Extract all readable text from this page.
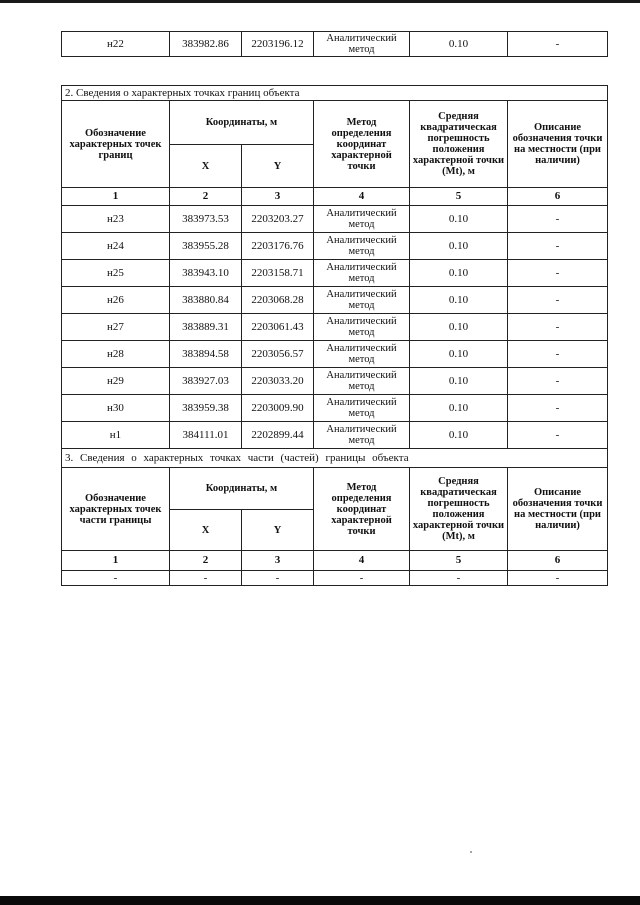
н22	383982.86	2203196.12	Аналитический метод	0.10	-
2. Сведения о характерных точках границ объекта					
Обозначение характерных точек границ	Координаты, м		Метод определения координат характерной точки	Средняя квадратическая погрешность положения характерной точки (Mt), м	Описание обозначения точки на местности (при наличии)
	X	Y			
1	2	3	4	5	6
н23	383973.53	2203203.27	Аналитический метод	0.10	-
н24	383955.28	2203176.76	Аналитический метод	0.10	-
н25	383943.10	2203158.71	Аналитический метод	0.10	-
н26	383880.84	2203068.28	Аналитический метод	0.10	-
н27	383889.31	2203061.43	Аналитический метод	0.10	-
н28	383894.58	2203056.57	Аналитический метод	0.10	-
н29	383927.03	2203033.20	Аналитический метод	0.10	-
н30	383959.38	2203009.90	Аналитический метод	0.10	-
н1	384111.01	2202899.44	Аналитический метод	0.10	-
3. Сведения о характерных точках части (частей) границы объекта					
Обозначение характерных точек части границы	Координаты, м		Метод определения координат характерной точки	Средняя квадратическая погрешность положения характерной точки (Mt), м	Описание обозначения точки на местности (при наличии)
	X	Y			
1	2	3	4	5	6
-	-	-	-	-	-
